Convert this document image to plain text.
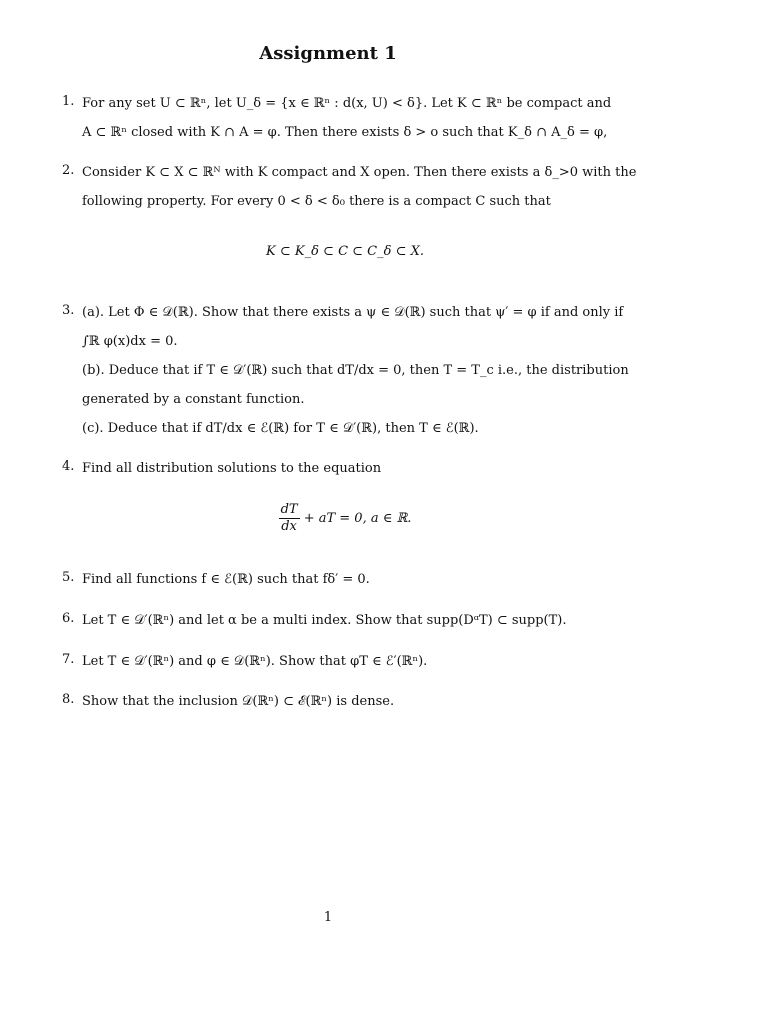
Assignment 1
1. For any set U ⊂ ℝⁿ, let U_δ = {x ∈ ℝⁿ : d(x, U) < δ}. Let K ⊂ ℝⁿ be compact and
A ⊂ ℝⁿ closed with K ∩ A = φ. Then there exists δ > o such that K_δ ∩ A_δ = φ,
2. Consider K ⊂ X ⊂ ℝᴺ with K compact and X open. Then there exists a δ_>0 with the
following property. For every 0 < δ < δ₀ there is a compact C such that
K ⊂ K_δ ⊂ C ⊂ C_δ ⊂ X.
3. (a). Let Φ ∈ 𝒟(ℝ). Show that there exists a ψ ∈ 𝒟(ℝ) such that ψ′ = φ if and only if
∫ℝ φ(x)dx = 0.
(b). Deduce that if T ∈ 𝒟′(ℝ) such that dT/dx = 0, then T = T_c i.e., the distribution
generated by a constant function.
(c). Deduce that if dT/dx ∈ ℰ(ℝ) for T ∈ 𝒟′(ℝ), then T ∈ ℰ(ℝ).
4. Find all distribution solutions to the equation
$\frac{dT}{dx}$ + aT = 0, a ∈ ℝ.
5. Find all functions f ∈ ℰ(ℝ) such that fδ′ = 0.
6. Let T ∈ 𝒟′(ℝⁿ) and let α be a multi index. Show that supp(DᵅT) ⊂ supp(T).
7. Let T ∈ 𝒟′(ℝⁿ) and φ ∈ 𝒟(ℝⁿ). Show that φT ∈ ℰ′(ℝⁿ).
8. Show that the inclusion 𝒟(ℝⁿ) ⊂ ℰ(ℝⁿ) is dense.
1
